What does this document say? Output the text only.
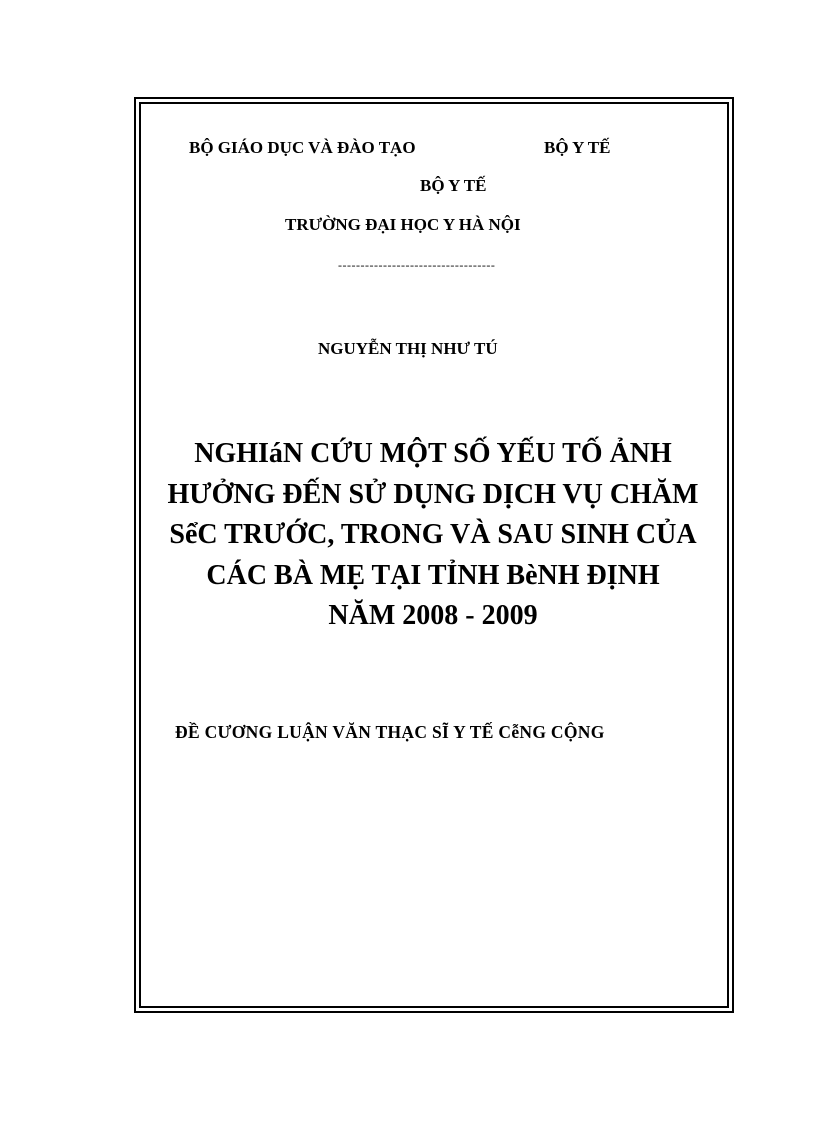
BỘ GIÁO DỤC VÀ ĐÀO TẠO	BỘ Y TẾ
BỘ Y TẾ
TRƯỜNG ĐẠI HỌC Y HÀ NỘI
-----------------------------------
NGUYỄN THỊ NHƯ TÚ
NGHIáN CỨU MỘT SỐ YẾU TỐ ẢNH
HƯỞNG ĐẾN SỬ DỤNG DỊCH VỤ CHĂM
SểC TRƯỚC, TRONG VÀ SAU SINH CỦA
CÁC BÀ MẸ TẠI TỈNH BèNH ĐỊNH
NĂM 2008 - 2009
ĐỀ CƯƠNG LUẬN VĂN THẠC SĨ Y TẾ CễNG CỘNG
